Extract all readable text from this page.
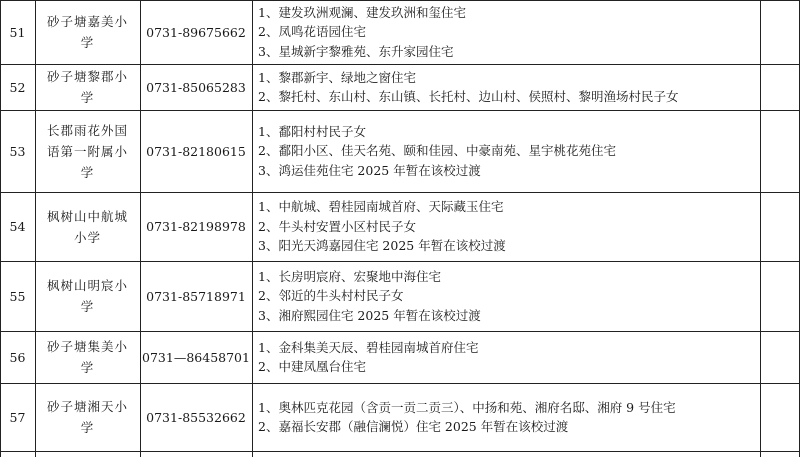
51
砂子塘嘉美小学
0731-89675662
1、建发玖洲观澜、建发玖洲和玺住宅
2、凤鸣花语园住宅
3、星城新宇黎雅苑、东升家园住宅
52
砂子塘黎郡小学
0731-85065283
1、黎郡新宇、绿地之窗住宅
2、黎托村、东山村、东山镇、长托村、边山村、侯照村、黎明渔场村民子女
53
长郡雨花外国语第一附属小学
0731-82180615
1、鄱阳村村民子女
2、鄱阳小区、佳天名苑、颐和佳园、中豪南苑、星宇桃花苑住宅
3、鸿运佳苑住宅 2025 年暂在该校过渡
54
枫树山中航城小学
0731-82198978
1、中航城、碧桂园南城首府、天际藏玉住宅
2、牛头村安置小区村民子女
3、阳光天鸿嘉园住宅 2025 年暂在该校过渡
55
枫树山明宸小学
0731-85718971
1、长房明宸府、宏聚地中海住宅
2、邻近的牛头村村民子女
3、湘府熙园住宅 2025 年暂在该校过渡
56
砂子塘集美小学
0731—86458701
1、金科集美天辰、碧桂园南城首府住宅
2、中建凤凰台住宅
57
砂子塘湘天小学
0731-85532662
1、奥林匹克花园（含贡一贡二贡三）、中扬和苑、湘府名邸、湘府 9 号住宅
2、嘉福长安郡（融信澜悦）住宅 2025 年暂在该校过渡
